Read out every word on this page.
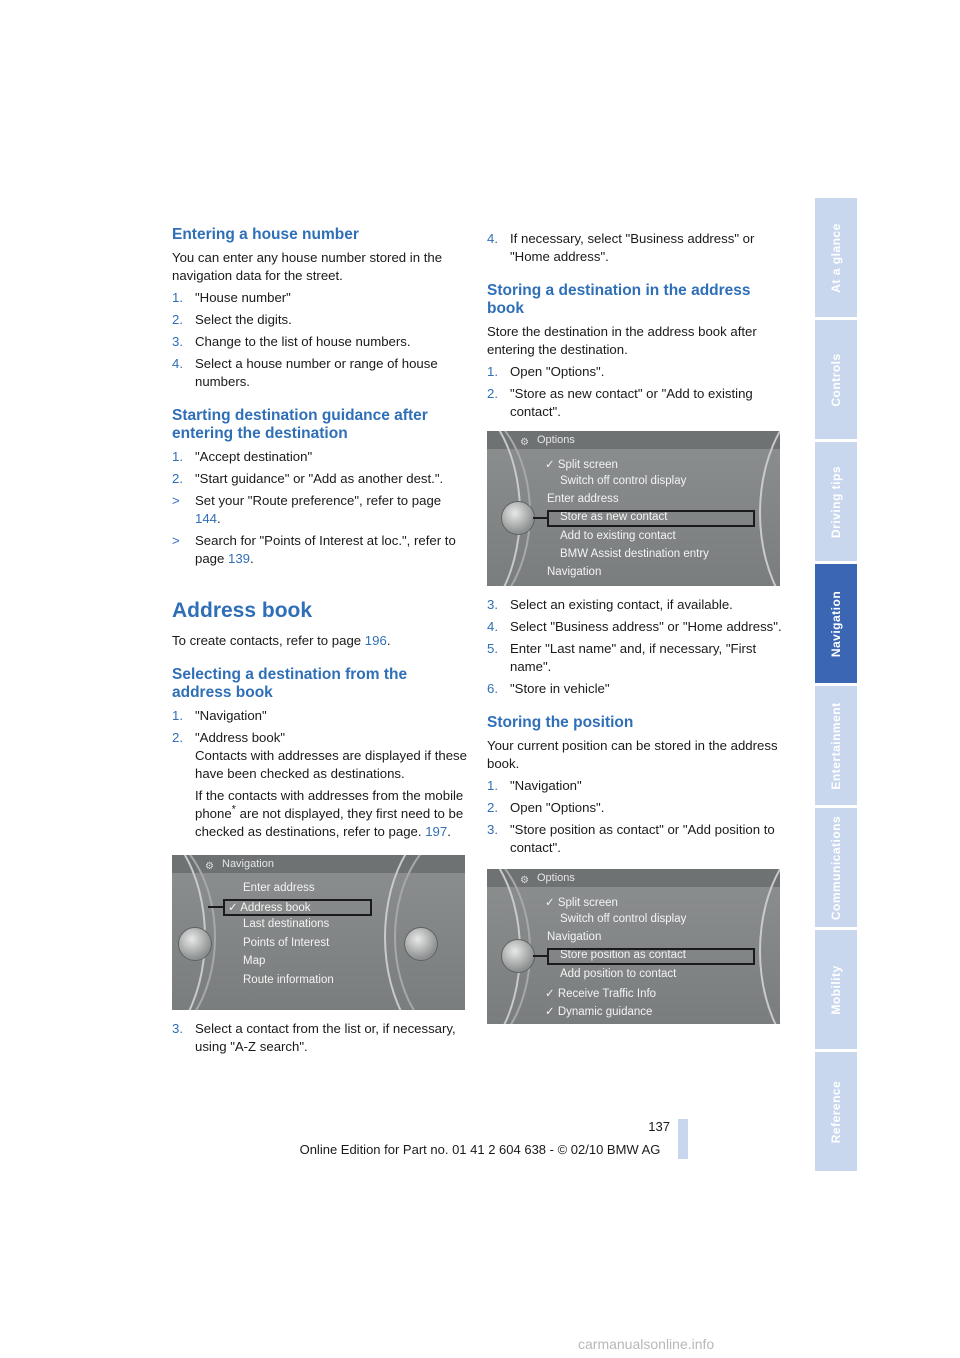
Entering a house number

You can enter any house number stored in the navigation data for the street.

1. "House number"
2. Select the digits.
3. Change to the list of house numbers.
4. Select a house number or range of house numbers.
Starting destination guidance after entering the destination
1. "Accept destination"
2. "Start guidance" or "Add as another dest.".
>	Set your "Route preference", refer to page 144.
>	Search for "Points of Interest at loc.", refer to page 139.
Address book

To create contacts, refer to page 196.

Selecting a destination from the address book
1. "Navigation"
2. "Address book"
Contacts with addresses are displayed if these have been checked as destinations.

If the contacts with addresses from the mobile phone* are not displayed, they first need to be checked as destinations, refer to page. 197.

⚙ Navigation
Enter address
✓ Address book
Last destinations
Points of Interest
Map
Route information
3. Select a contact from the list or, if necessary, using "A-Z search".
4. If necessary, select "Business address" or "Home address".
Storing a destination in the address book

Store the destination in the address book after entering the destination.

1. Open "Options".
2. "Store as new contact" or "Add to existing contact".
⚙ Options
✓ Split screen
Switch off control display
Enter address
Store as new contact
Add to existing contact
BMW Assist destination entry
Navigation
3. Select an existing contact, if available.
4. Select "Business address" or "Home address".
5. Enter "Last name" and, if necessary, "First name".
6. "Store in vehicle"
Storing the position

Your current position can be stored in the address book.

1. "Navigation"
2. Open "Options".
3. "Store position as contact" or "Add position to contact".
⚙ Options
✓ Split screen
Switch off control display
Navigation
Store position as contact
Add position to contact
✓ Receive Traffic Info
✓ Dynamic guidance
At a glance
Controls
Driving tips
Navigation
Entertainment
Communications
Mobility
Reference
137
Online Edition for Part no. 01 41 2 604 638 - © 02/10 BMW AG
carmanualsonline.info
